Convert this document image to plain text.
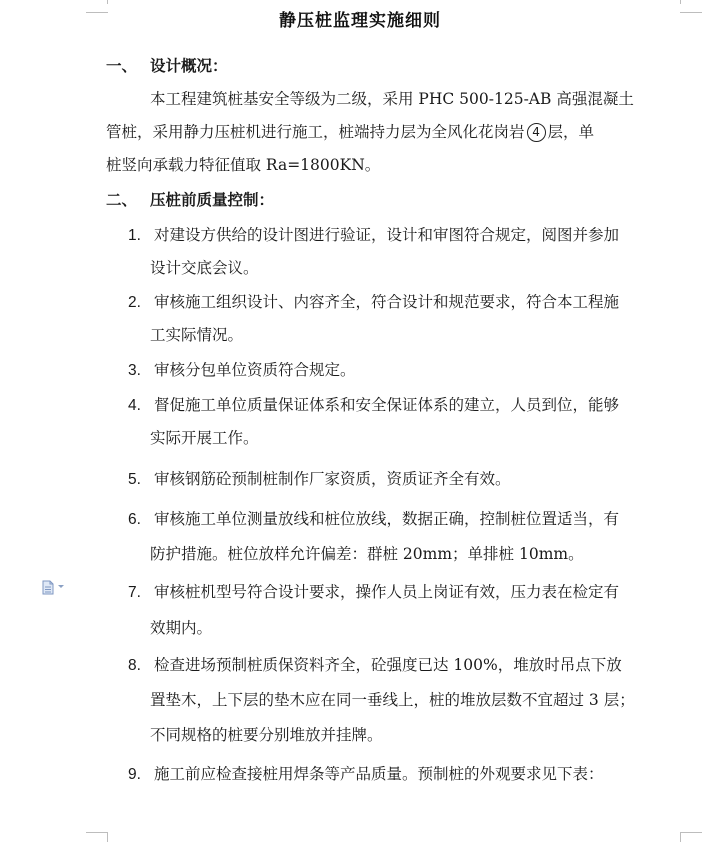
静压桩监理实施细则
一、 设计概况：
本工程建筑桩基安全等级为二级，采用 PHC 500-125-AB 高强混凝土
管桩，采用静力压桩机进行施工，桩端持力层为全风化花岗岩 4 层，单
桩竖向承载力特征值取 Ra=1800KN。
二、 压桩前质量控制：
1. 对建设方供给的设计图进行验证，设计和审图符合规定，阅图并参加
设计交底会议。
2. 审核施工组织设计、内容齐全，符合设计和规范要求，符合本工程施
工实际情况。
3. 审核分包单位资质符合规定。
4. 督促施工单位质量保证体系和安全保证体系的建立，人员到位，能够
实际开展工作。
5. 审核钢筋砼预制桩制作厂家资质，资质证齐全有效。
6. 审核施工单位测量放线和桩位放线，数据正确，控制桩位置适当，有
防护措施。桩位放样允许偏差：群桩 20mm；单排桩 10mm。
7. 审核桩机型号符合设计要求，操作人员上岗证有效，压力表在检定有
效期内。
8. 检查进场预制桩质保资料齐全，砼强度已达 100%，堆放时吊点下放
置垫木，上下层的垫木应在同一垂线上，桩的堆放层数不宜超过 3 层；
不同规格的桩要分别堆放并挂牌。
9. 施工前应检查接桩用焊条等产品质量。预制桩的外观要求见下表：
